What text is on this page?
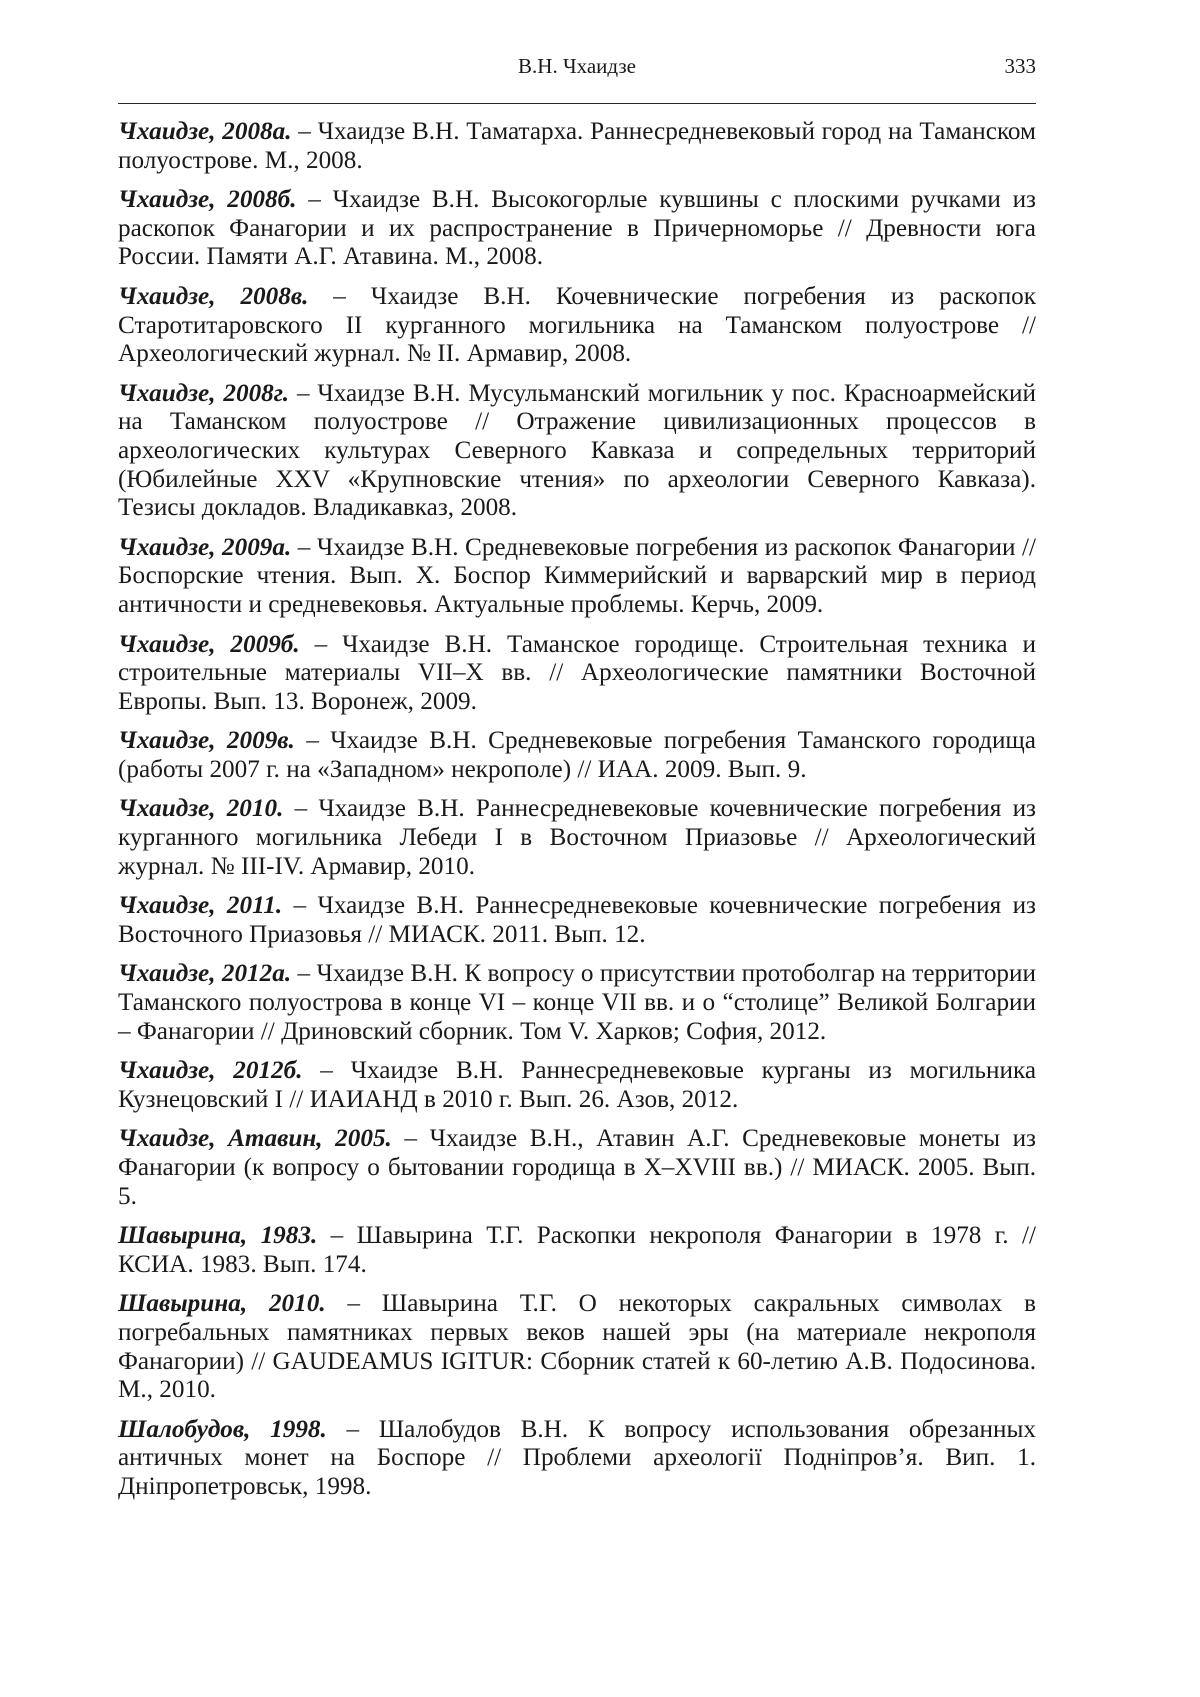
В.Н. Чхаидзе	333

Чхаидзе, 2008а. – Чхаидзе В.Н. Таматарха. Раннесредневековый город на Таманском полуострове. М., 2008.

Чхаидзе, 2008б. – Чхаидзе В.Н. Высокогорлые кувшины с плоскими ручками из раскопок Фанагории и их распространение в Причерноморье // Древности юга России. Памяти А.Г. Атавина. М., 2008.

Чхаидзе, 2008в. – Чхаидзе В.Н. Кочевнические погребения из раскопок Старотитаровского II курганного могильника на Таманском полуострове // Археологический журнал. № II. Армавир, 2008.

Чхаидзе, 2008г. – Чхаидзе В.Н. Мусульманский могильник у пос. Красноармейский на Таманском полуострове // Отражение цивилизационных процессов в археологических культурах Северного Кавказа и сопредельных территорий (Юбилейные XXV «Крупновские чтения» по археологии Северного Кавказа). Тезисы докладов. Владикавказ, 2008.

Чхаидзе, 2009а. – Чхаидзе В.Н. Средневековые погребения из раскопок Фанагории // Боспорские чтения. Вып. X. Боспор Киммерийский и варварский мир в период античности и средневековья. Актуальные проблемы. Керчь, 2009.

Чхаидзе, 2009б. – Чхаидзе В.Н. Таманское городище. Строительная техника и строительные материалы VII–X вв. // Археологические памятники Восточной Европы. Вып. 13. Воронеж, 2009.

Чхаидзе, 2009в. – Чхаидзе В.Н. Средневековые погребения Таманского городища (работы 2007 г. на «Западном» некрополе) // ИАА. 2009. Вып. 9.

Чхаидзе, 2010. – Чхаидзе В.Н. Раннесредневековые кочевнические погребения из курганного могильника Лебеди I в Восточном Приазовье // Археологический журнал. № III-IV. Армавир, 2010.

Чхаидзе, 2011. – Чхаидзе В.Н. Раннесредневековые кочевнические погребения из Восточного Приазовья // МИАСК. 2011. Вып. 12.

Чхаидзе, 2012а. – Чхаидзе В.Н. К вопросу о присутствии протоболгар на территории Таманского полуострова в конце VI – конце VII вв. и о “столице” Великой Болгарии – Фанагории // Дриновский сборник. Том V. Харков; София, 2012.

Чхаидзе, 2012б. – Чхаидзе В.Н. Раннесредневековые курганы из могильника Кузнецовский I // ИАИАНД в 2010 г. Вып. 26. Азов, 2012.

Чхаидзе, Атавин, 2005. – Чхаидзе В.Н., Атавин А.Г. Средневековые монеты из Фанагории (к вопросу о бытовании городища в X–XVIII вв.) // МИАСК. 2005. Вып. 5.

Шавырина, 1983. – Шавырина Т.Г. Раскопки некрополя Фанагории в 1978 г. // КСИА. 1983. Вып. 174.

Шавырина, 2010. – Шавырина Т.Г. О некоторых сакральных символах в погребальных памятниках первых веков нашей эры (на материале некрополя Фанагории) // GAUDEAMUS IGITUR: Сборник статей к 60-летию А.В. Подосинова. М., 2010.

Шалобудов, 1998. – Шалобудов В.Н. К вопросу использования обрезанных античных монет на Боспоре // Проблеми археології Подніпров’я. Вип. 1. Дніпропетровськ, 1998.
